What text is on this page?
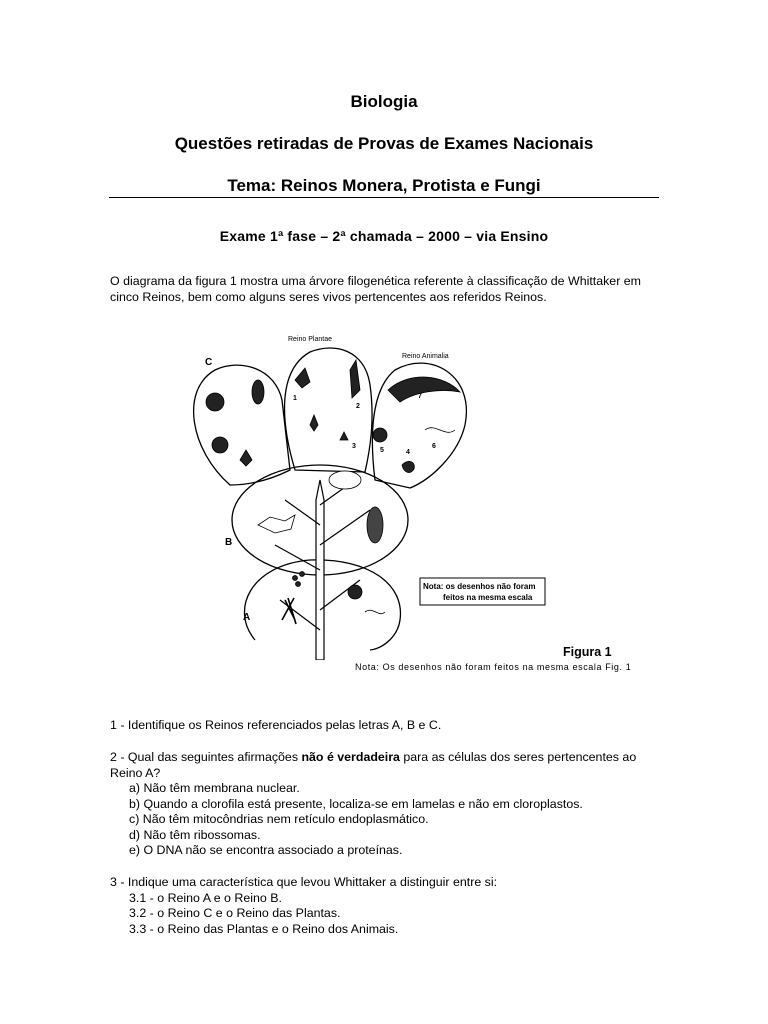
Biologia
Questões retiradas de Provas de Exames Nacionais
Tema: Reinos Monera, Protista e Fungi
Exame 1ª fase – 2ª chamada – 2000 – via Ensino
O diagrama da figura 1 mostra uma árvore filogenética referente à classificação de Whittaker em cinco Reinos, bem como alguns seres vivos pertencentes aos referidos Reinos.
C
B
A
Reino Plantae
Reino Animalia
1
2
3
4
5
6
7
Nota: os desenhos não foram
feitos na mesma escala
Figura 1
Nota: Os desenhos não foram feitos na mesma escala Fig. 1
1 - Identifique os Reinos referenciados pelas letras A, B e C.
2 - Qual das seguintes afirmações não é verdadeira para as células dos seres pertencentes ao Reino A?
a) Não têm membrana nuclear.
b) Quando a clorofila está presente, localiza-se em lamelas e não em cloroplastos.
c) Não têm mitocôndrias nem retículo endoplasmático.
d) Não têm ribossomas.
e) O DNA não se encontra associado a proteínas.
3 - Indique uma característica que levou Whittaker a distinguir entre si:
3.1 - o Reino A e o Reino B.
3.2 - o Reino C e o Reino das Plantas.
3.3 - o Reino das Plantas e o Reino dos Animais.
